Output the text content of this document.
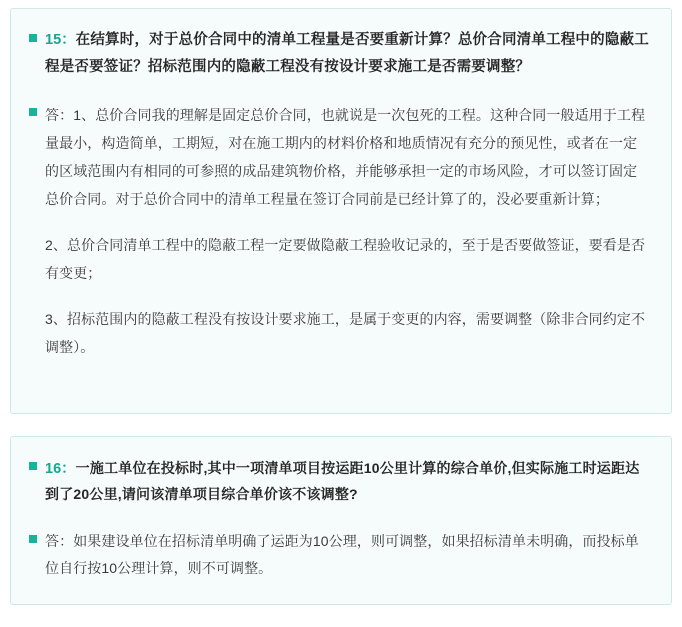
15：在结算时，对于总价合同中的清单工程量是否要重新计算？总价合同清单工程中的隐蔽工程是否要签证？招标范围内的隐蔽工程没有按设计要求施工是否需要调整？

答：1、总价合同我的理解是固定总价合同，也就说是一次包死的工程。这种合同一般适用于工程量最小，构造简单，工期短，对在施工期内的材料价格和地质情况有充分的预见性，或者在一定的区域范围内有相同的可参照的成品建筑物价格，并能够承担一定的市场风险，才可以签订固定总价合同。对于总价合同中的清单工程量在签订合同前是已经计算了的，没必要重新计算；

2、总价合同清单工程中的隐蔽工程一定要做隐蔽工程验收记录的，至于是否要做签证，要看是否有变更；

3、招标范围内的隐蔽工程没有按设计要求施工，是属于变更的内容，需要调整（除非合同约定不调整）。

16：一施工单位在投标时,其中一项清单项目按运距10公里计算的综合单价,但实际施工时运距达到了20公里,请问该清单项目综合单价该不该调整?

答：如果建设单位在招标清单明确了运距为10公理，则可调整，如果招标清单未明确，而投标单位自行按10公理计算，则不可调整。
